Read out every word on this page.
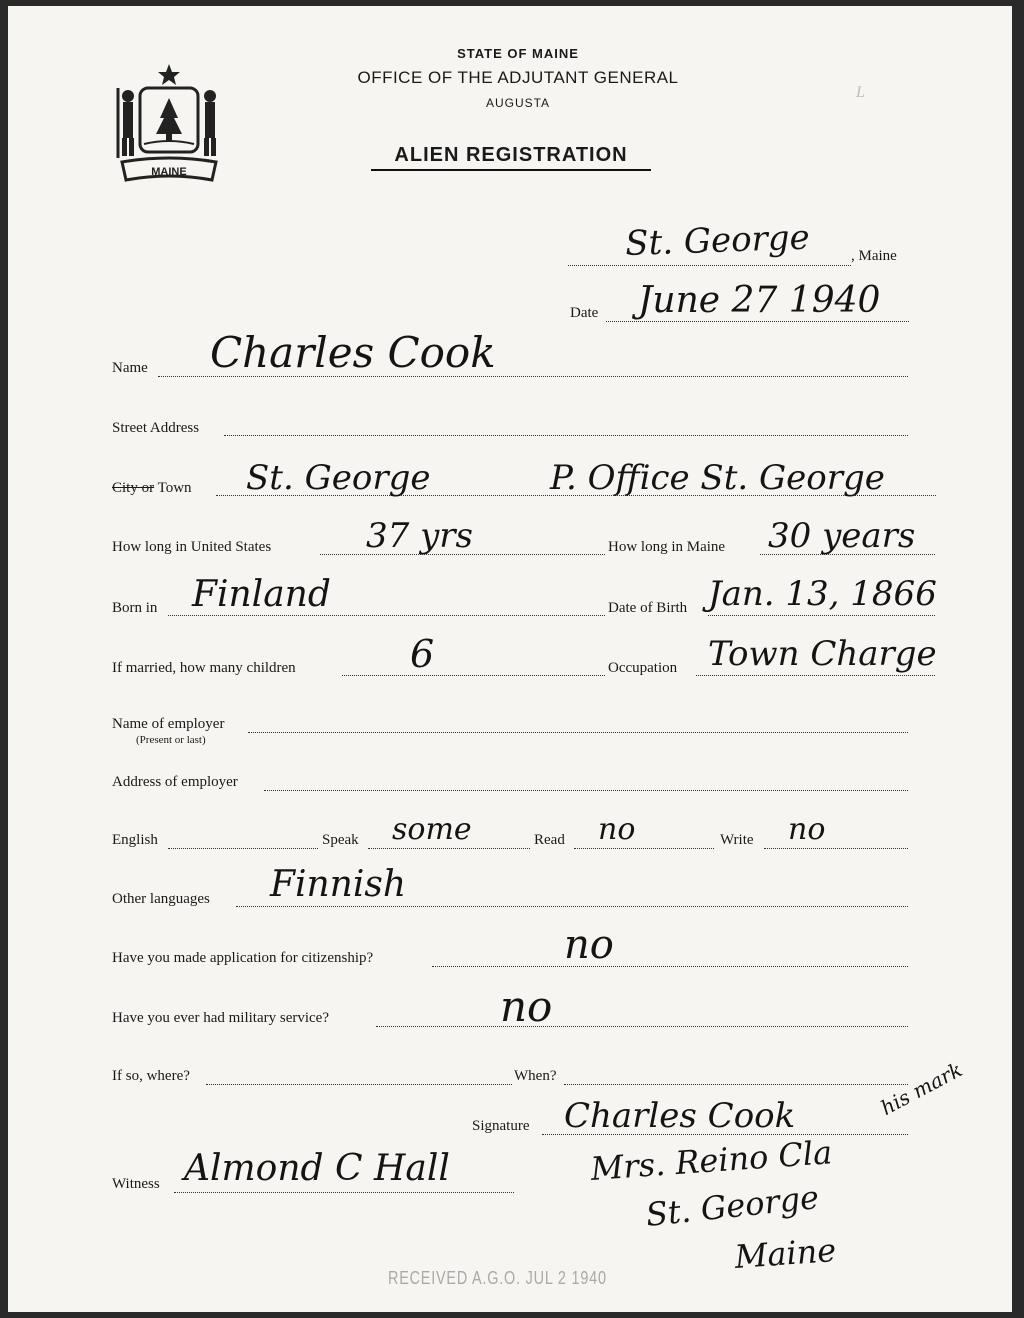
MAINE
L
STATE OF MAINE
OFFICE OF THE ADJUTANT GENERAL
AUGUSTA
ALIEN REGISTRATION
St. George	, Maine
Date June 27 1940
Name Charles Cook
Street Address
City or Town St. George	P. Office St. George
How long in United States	37 yrs	How long in Maine 30 years
Born in Finland	Date of Birth Jan. 13, 1866
If married, how many children	6	Occupation Town Charge
Name of employer
(Present or last)
Address of employer
English	Speak some	Read no	Write no
Other languages Finnish
Have you made application for citizenship?	no
Have you ever had military service?	no
If so, where?	When?
Signature Charles Cook	his mark
Witness Almond C Hall	Mrs. Reino Cla
St. George
Maine
RECEIVED A.G.O. JUL 2 1940
